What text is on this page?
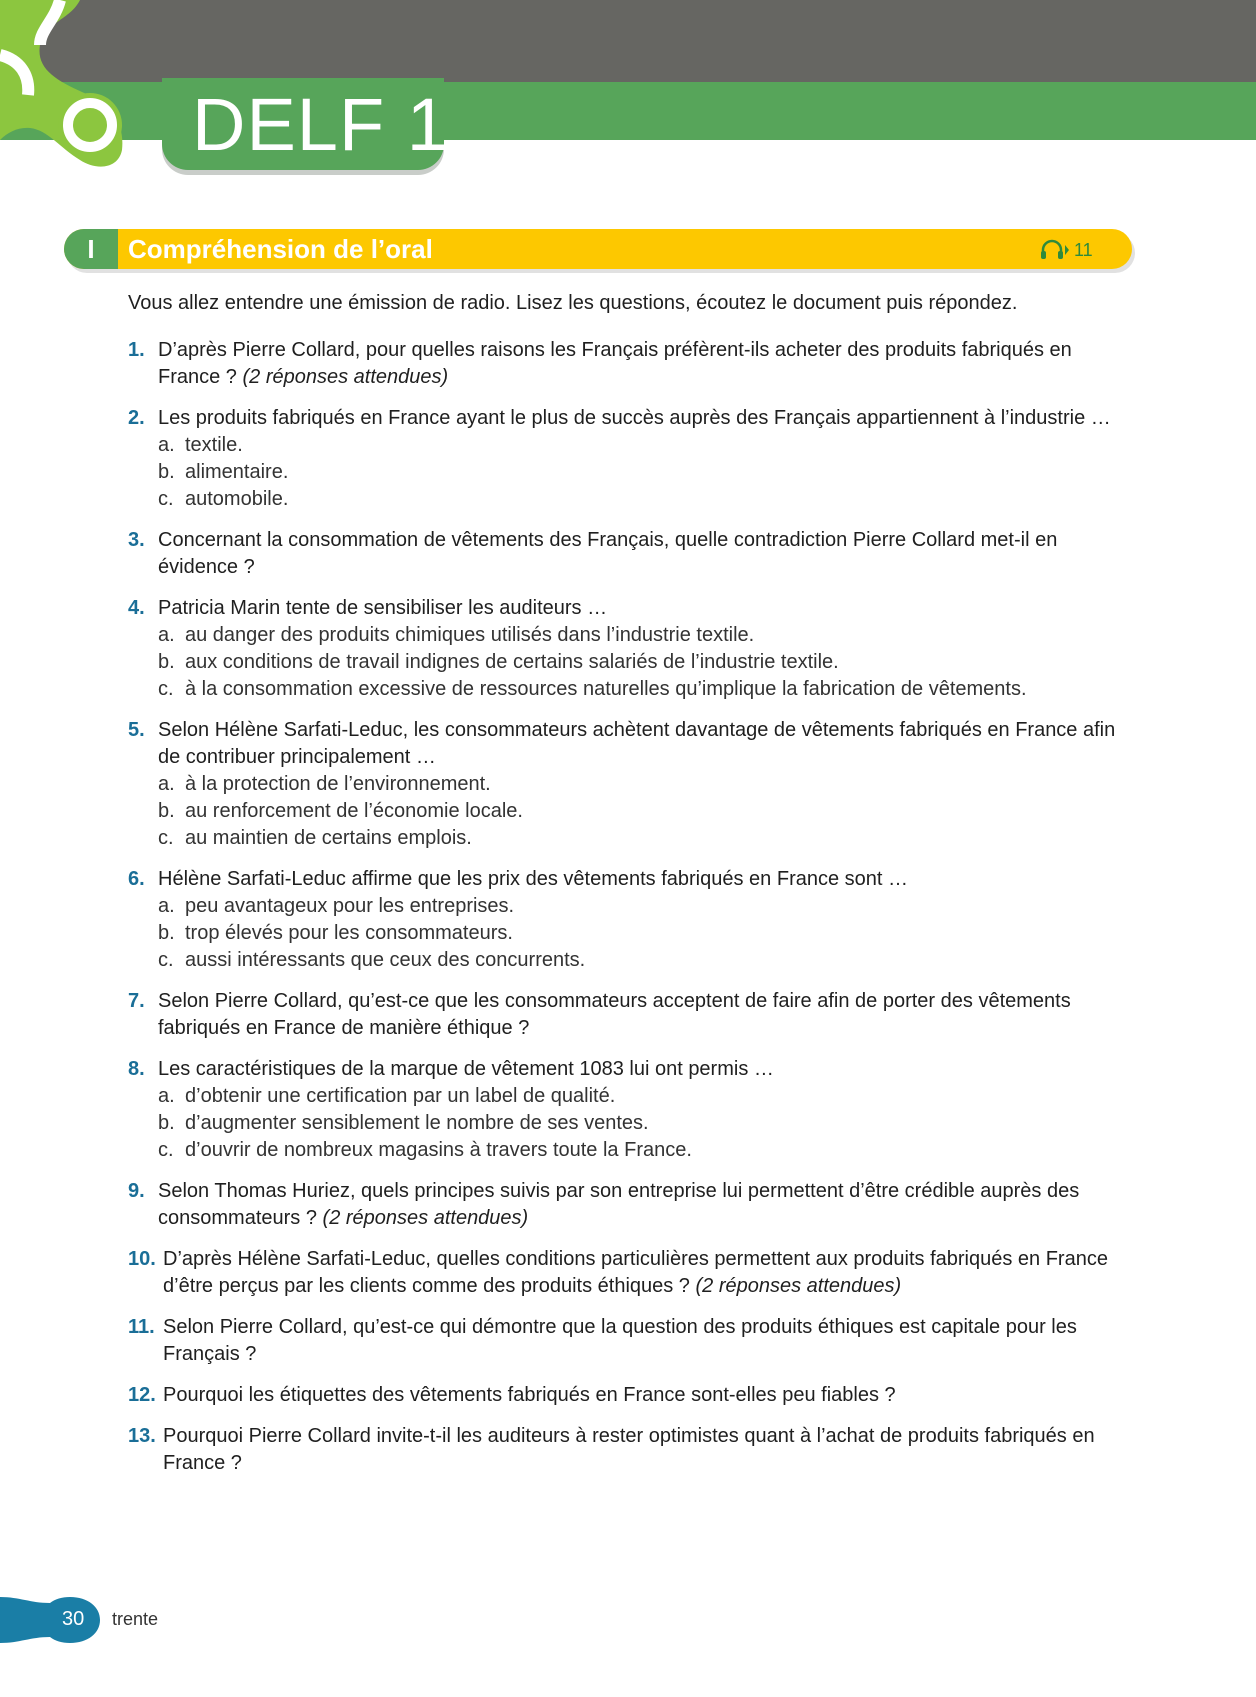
DELF 1
I	Compréhension de l’oral	11

Vous allez entendre une émission de radio. Lisez les questions, écoutez le document puis répondez.

1. D’après Pierre Collard, pour quelles raisons les Français préfèrent-ils acheter des produits fabriqués en France ? (2 réponses attendues)
2. Les produits fabriqués en France ayant le plus de succès auprès des Français appartiennent à l’industrie …
a. textile.
b. alimentaire.
c. automobile.
3. Concernant la consommation de vêtements des Français, quelle contradiction Pierre Collard met-il en évidence ?
4. Patricia Marin tente de sensibiliser les auditeurs …
a. au danger des produits chimiques utilisés dans l’industrie textile.
b. aux conditions de travail indignes de certains salariés de l’industrie textile.
c. à la consommation excessive de ressources naturelles qu’implique la fabrication de vêtements.
5. Selon Hélène Sarfati-Leduc, les consommateurs achètent davantage de vêtements fabriqués en France afin de contribuer principalement …
a. à la protection de l’environnement.
b. au renforcement de l’économie locale.
c. au maintien de certains emplois.
6. Hélène Sarfati-Leduc affirme que les prix des vêtements fabriqués en France sont …
a. peu avantageux pour les entreprises.
b. trop élevés pour les consommateurs.
c. aussi intéressants que ceux des concurrents.
7. Selon Pierre Collard, qu’est-ce que les consommateurs acceptent de faire afin de porter des vêtements fabriqués en France de manière éthique ?
8. Les caractéristiques de la marque de vêtement 1083 lui ont permis …
a. d’obtenir une certification par un label de qualité.
b. d’augmenter sensiblement le nombre de ses ventes.
c. d’ouvrir de nombreux magasins à travers toute la France.
9. Selon Thomas Huriez, quels principes suivis par son entreprise lui permettent d’être crédible auprès des consommateurs ? (2 réponses attendues)
10. D’après Hélène Sarfati-Leduc, quelles conditions particulières permettent aux produits fabriqués en France d’être perçus par les clients comme des produits éthiques ? (2 réponses attendues)
11. Selon Pierre Collard, qu’est-ce qui démontre que la question des produits éthiques est capitale pour les Français ?
12. Pourquoi les étiquettes des vêtements fabriqués en France sont-elles peu fiables ?
13. Pourquoi Pierre Collard invite-t-il les auditeurs à rester optimistes quant à l’achat de produits fabriqués en France ?
30 trente
